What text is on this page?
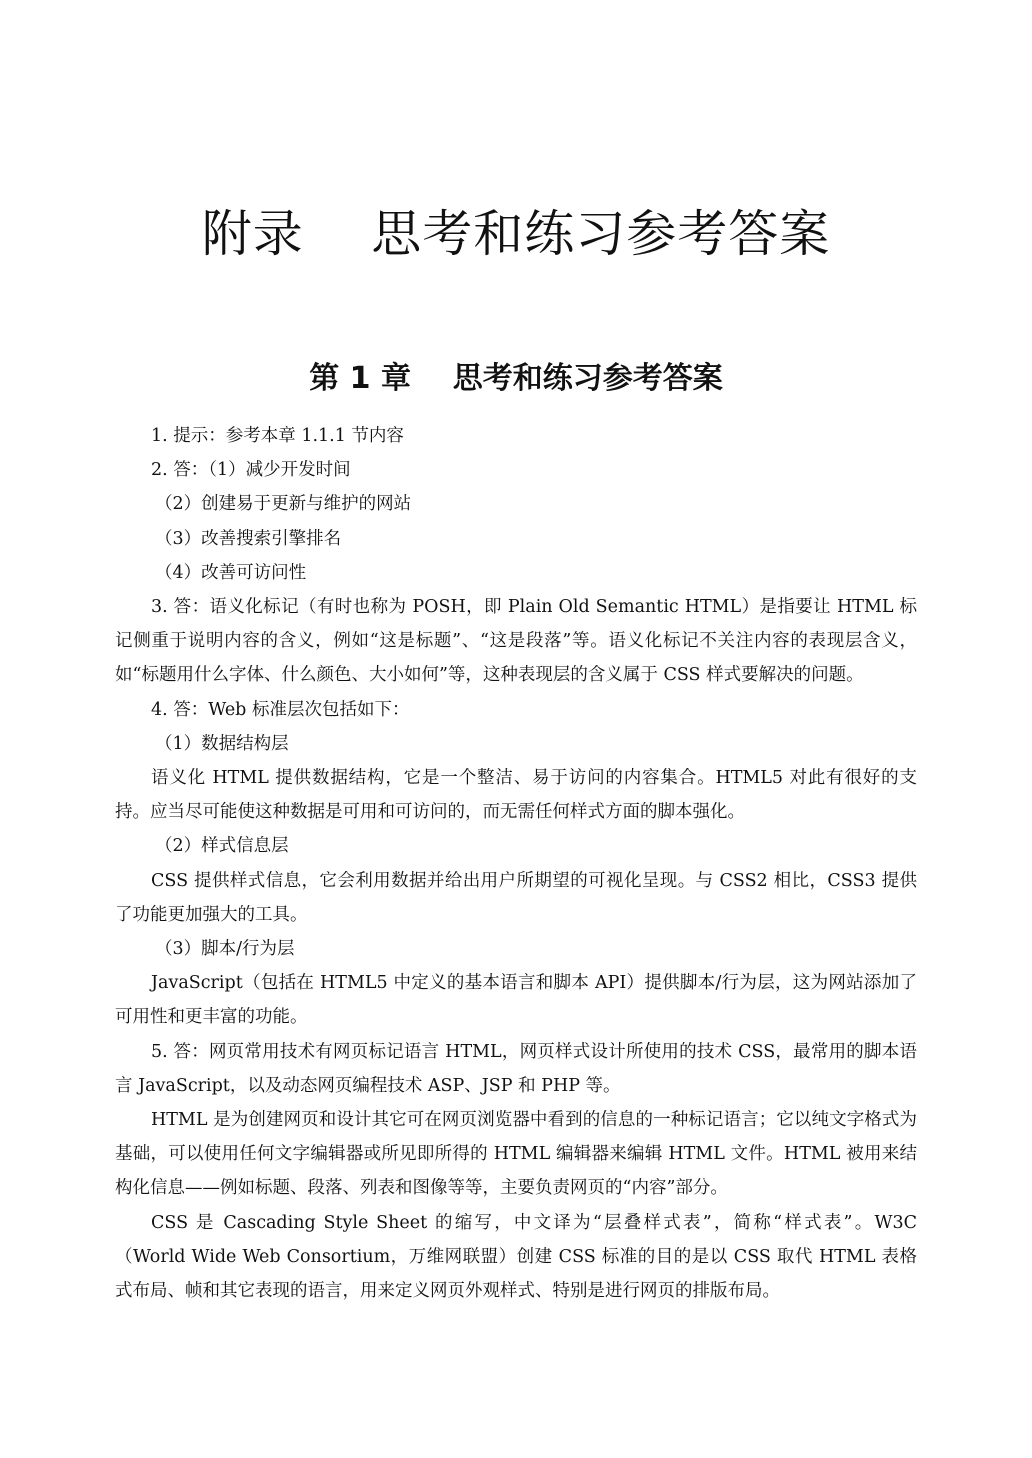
附录    思考和练习参考答案
第 1 章    思考和练习参考答案

1. 提示：参考本章 1.1.1 节内容

2. 答：（1）减少开发时间

（2）创建易于更新与维护的网站

（3）改善搜索引擎排名

（4）改善可访问性

3. 答：语义化标记（有时也称为 POSH，即 Plain Old Semantic HTML）是指要让 HTML 标记侧重于说明内容的含义，例如“这是标题”、“这是段落”等。语义化标记不关注内容的表现层含义，如“标题用什么字体、什么颜色、大小如何”等，这种表现层的含义属于 CSS 样式要解决的问题。

4. 答：Web 标准层次包括如下：

（1）数据结构层

语义化 HTML 提供数据结构，它是一个整洁、易于访问的内容集合。HTML5 对此有很好的支持。应当尽可能使这种数据是可用和可访问的，而无需任何样式方面的脚本强化。

（2）样式信息层

CSS 提供样式信息，它会利用数据并给出用户所期望的可视化呈现。与 CSS2 相比，CSS3 提供了功能更加强大的工具。

（3）脚本/行为层

JavaScript（包括在 HTML5 中定义的基本语言和脚本 API）提供脚本/行为层，这为网站添加了可用性和更丰富的功能。

5. 答：网页常用技术有网页标记语言 HTML，网页样式设计所使用的技术 CSS，最常用的脚本语言 JavaScript，以及动态网页编程技术 ASP、JSP 和 PHP 等。

HTML 是为创建网页和设计其它可在网页浏览器中看到的信息的一种标记语言；它以纯文字格式为基础，可以使用任何文字编辑器或所见即所得的 HTML 编辑器来编辑 HTML 文件。HTML 被用来结构化信息——例如标题、段落、列表和图像等等，主要负责网页的“内容”部分。

CSS 是 Cascading Style Sheet 的缩写，中文译为“层叠样式表”，简称“样式表”。W3C（World Wide Web Consortium，万维网联盟）创建 CSS 标准的目的是以 CSS 取代 HTML 表格式布局、帧和其它表现的语言，用来定义网页外观样式、特别是进行网页的排版布局。
